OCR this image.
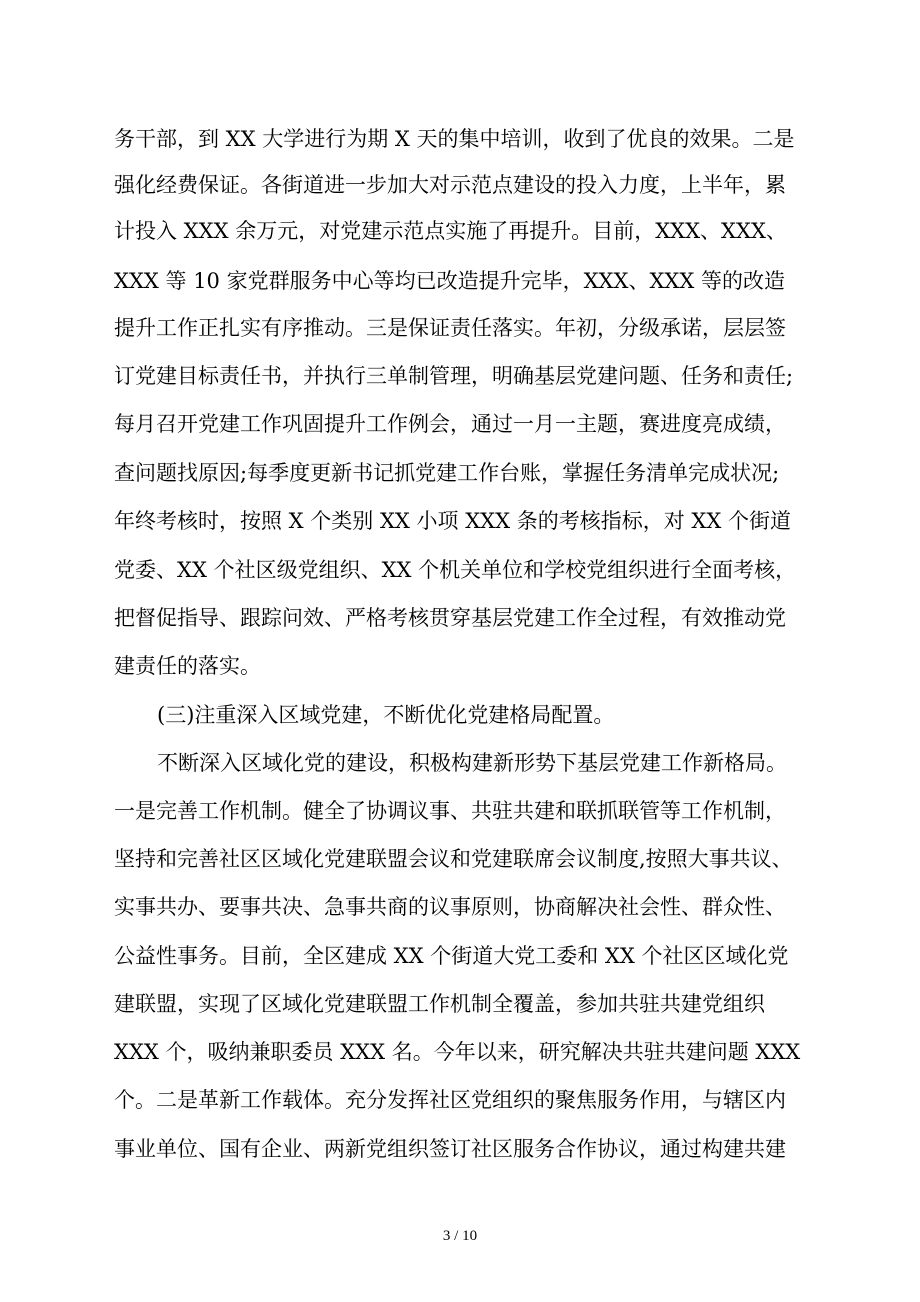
务干部，到 XX 大学进行为期 X 天的集中培训，收到了优良的效果。二是
强化经费保证。各街道进一步加大对示范点建设的投入力度，上半年，累
计投入 XXX 余万元，对党建示范点实施了再提升。目前，XXX、XXX、
XXX 等 10 家党群服务中心等均已改造提升完毕，XXX、XXX 等的改造
提升工作正扎实有序推动。三是保证责任落实。年初，分级承诺，层层签
订党建目标责任书，并执行三单制管理，明确基层党建问题、任务和责任;
每月召开党建工作巩固提升工作例会，通过一月一主题，赛进度亮成绩，
查问题找原因;每季度更新书记抓党建工作台账，掌握任务清单完成状况;
年终考核时，按照 X 个类别 XX 小项 XXX 条的考核指标，对 XX 个街道
党委、XX 个社区级党组织、XX 个机关单位和学校党组织进行全面考核，
把督促指导、跟踪问效、严格考核贯穿基层党建工作全过程，有效推动党
建责任的落实。
(三)注重深入区域党建，不断优化党建格局配置。
不断深入区域化党的建设，积极构建新形势下基层党建工作新格局。
一是完善工作机制。健全了协调议事、共驻共建和联抓联管等工作机制，
坚持和完善社区区域化党建联盟会议和党建联席会议制度,按照大事共议、
实事共办、要事共决、急事共商的议事原则，协商解决社会性、群众性、
公益性事务。目前，全区建成 XX 个街道大党工委和 XX 个社区区域化党
建联盟，实现了区域化党建联盟工作机制全覆盖，参加共驻共建党组织
XXX 个，吸纳兼职委员 XXX 名。今年以来，研究解决共驻共建问题 XXX
个。二是革新工作载体。充分发挥社区党组织的聚焦服务作用，与辖区内
事业单位、国有企业、两新党组织签订社区服务合作协议，通过构建共建
3 / 10
